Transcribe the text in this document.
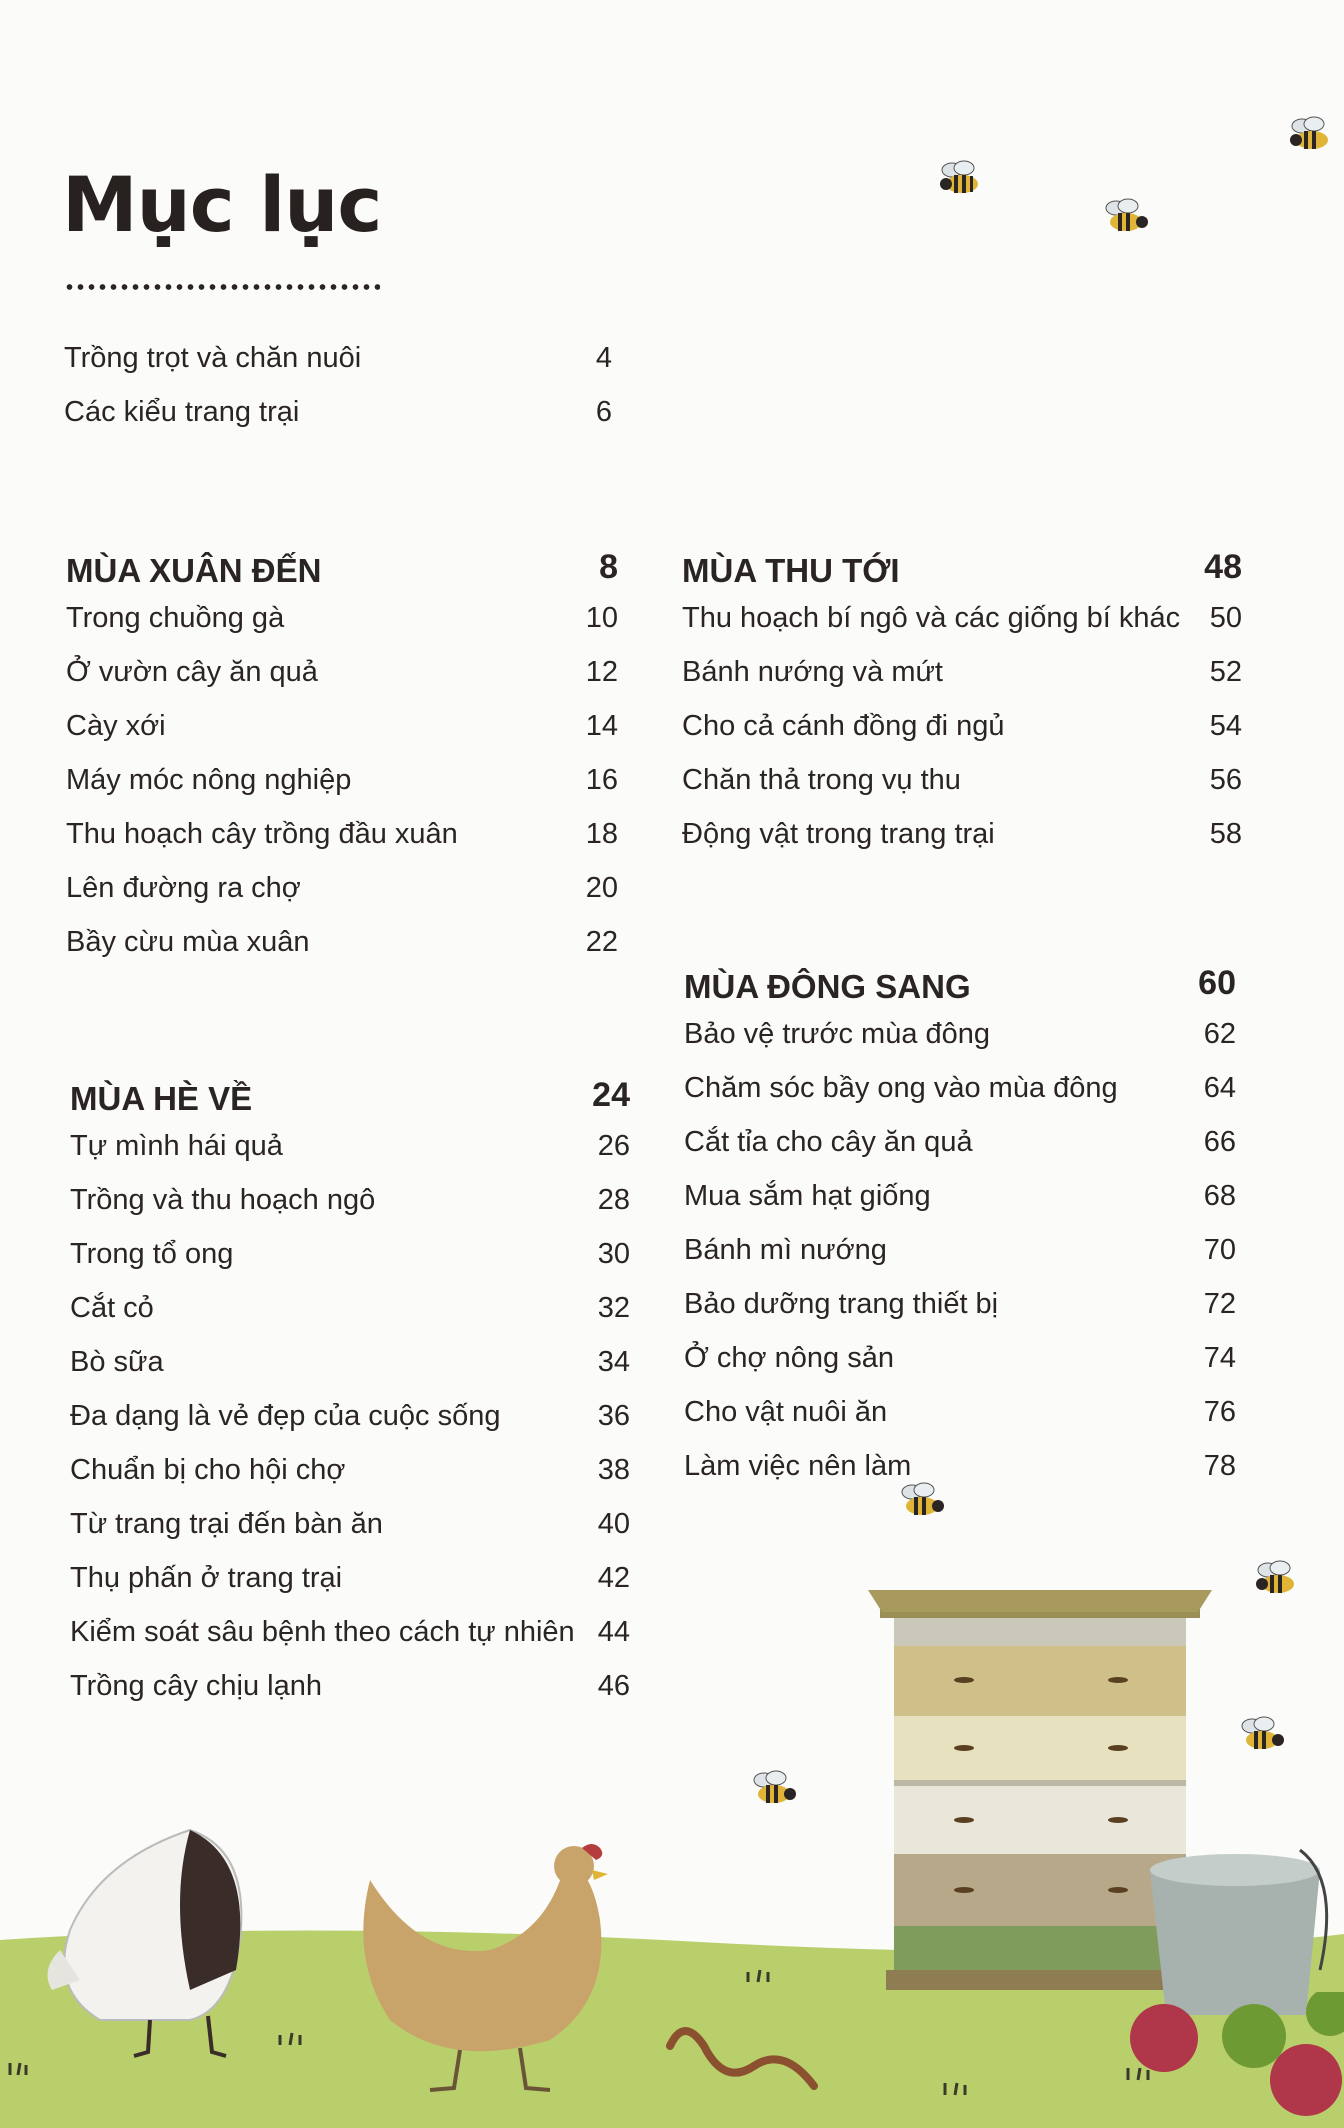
Mục lục
Trồng trọt và chăn nuôi	4
Các kiểu trang trại	6
MÙA XUÂN ĐẾN	8
Trong chuồng gà	10
Ở vườn cây ăn quả	12
Cày xới	14
Máy móc nông nghiệp	16
Thu hoạch cây trồng đầu xuân	18
Lên đường ra chợ	20
Bầy cừu mùa xuân	22
MÙA HÈ VỀ	24
Tự mình hái quả	26
Trồng và thu hoạch ngô	28
Trong tổ ong	30
Cắt cỏ	32
Bò sữa	34
Đa dạng là vẻ đẹp của cuộc sống	36
Chuẩn bị cho hội chợ	38
Từ trang trại đến bàn ăn	40
Thụ phấn ở trang trại	42
Kiểm soát sâu bệnh theo cách tự nhiên 44
Trồng cây chịu lạnh	46
MÙA THU TỚI	48
Thu hoạch bí ngô và các giống bí khác 50
Bánh nướng và mứt	52
Cho cả cánh đồng đi ngủ	54
Chăn thả trong vụ thu	56
Động vật trong trang trại	58
MÙA ĐÔNG SANG	60
Bảo vệ trước mùa đông	62
Chăm sóc bầy ong vào mùa đông	64
Cắt tỉa cho cây ăn quả	66
Mua sắm hạt giống	68
Bánh mì nướng	70
Bảo dưỡng trang thiết bị	72
Ở chợ nông sản	74
Cho vật nuôi ăn	76
Làm việc nên làm	78
